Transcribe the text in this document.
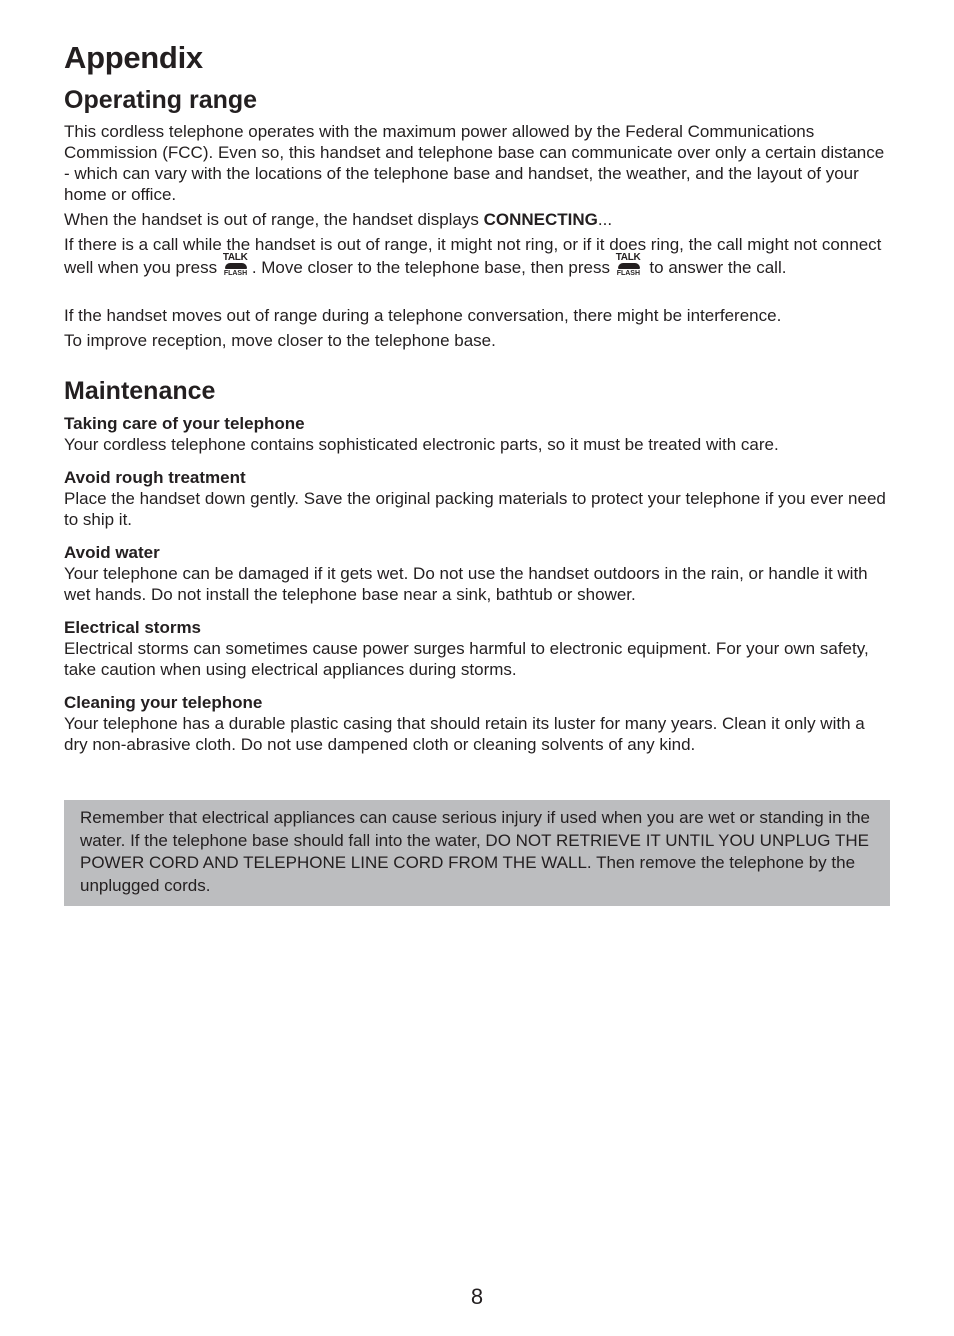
Appendix
Operating range

This cordless telephone operates with the maximum power allowed by the Federal Communications Commission (FCC). Even so, this handset and telephone base can communicate over only a certain distance - which can vary with the locations of the telephone base and handset, the weather, and the layout of your home or office.

When the handset is out of range, the handset displays CONNECTING...

If there is a call while the handset is out of range, it might not ring, or if it does ring, the call might not connect well when you press
TALK
FLASH . Move closer to the telephone base, then press
TALK
FLASH to answer the call.

If the handset moves out of range during a telephone conversation, there might be interference.

To improve reception, move closer to the telephone base.

Maintenance

Taking care of your telephone

Your cordless telephone contains sophisticated electronic parts, so it must be treated with care.

Avoid rough treatment

Place the handset down gently. Save the original packing materials to protect your telephone if you ever need to ship it.

Avoid water

Your telephone can be damaged if it gets wet. Do not use the handset outdoors in the rain, or handle it with wet hands. Do not install the telephone base near a sink, bathtub or shower.

Electrical storms

Electrical storms can sometimes cause power surges harmful to electronic equipment. For your own safety, take caution when using electrical appliances during storms.

Cleaning your telephone

Your telephone has a durable plastic casing that should retain its luster for many years. Clean it only with a dry non-abrasive cloth. Do not use dampened cloth or cleaning solvents of any kind.

Remember that electrical appliances can cause serious injury if used when you are wet or standing in the water. If the telephone base should fall into the water, DO NOT RETRIEVE IT UNTIL YOU UNPLUG THE POWER CORD AND TELEPHONE LINE CORD FROM THE WALL. Then remove the telephone by the unplugged cords.
8
